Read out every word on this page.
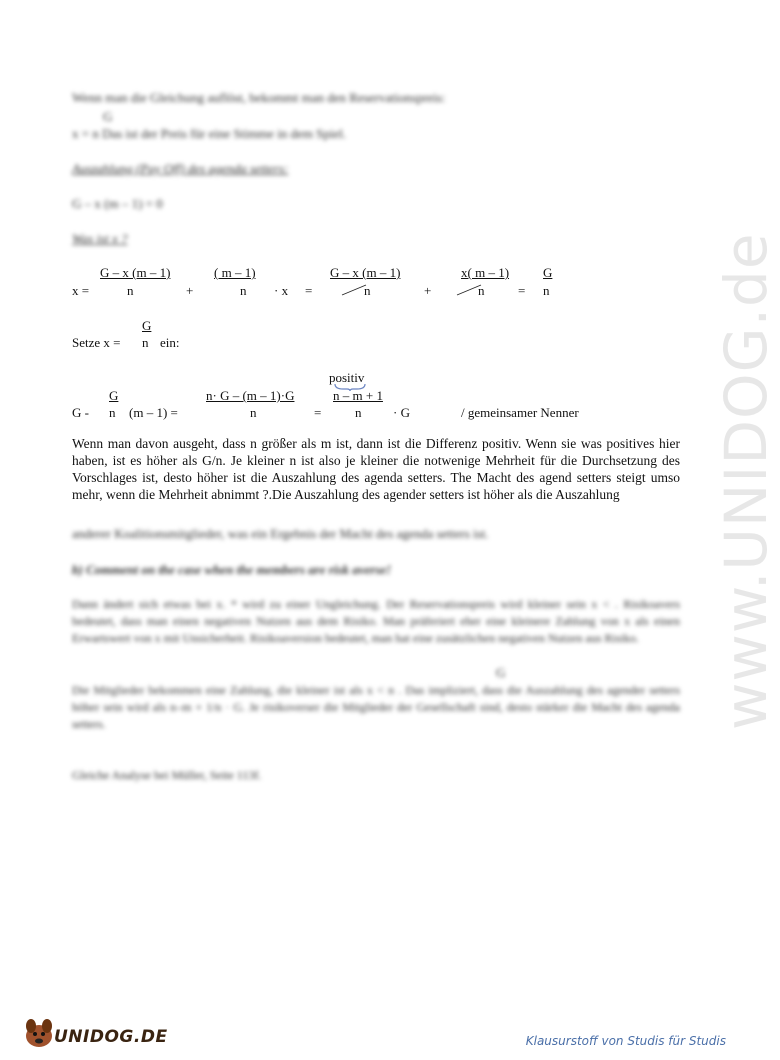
Wenn man die Gleichung auflöst, bekommt man den Reservationspreis:
G
x = n Das ist der Preis für eine Stimme in dem Spiel.
Auszahlung (Pay Off) des agenda setters:
G – x (m – 1) = 0
Was ist x ?
G – x (m – 1)	( m – 1)	G – x (m – 1)	x( m – 1)	G
x =	n	+	n · x =	n	+	n	= n
G
Setze x = n ein:
positiv
G	n· G – (m – 1)·G	n – m + 1
G - n (m – 1) =	n	=	n · G	/ gemeinsamer Nenner
Wenn man davon ausgeht, dass n größer als m ist, dann ist die Differenz positiv. Wenn sie was positives hier haben, ist es höher als G/n. Je kleiner n ist also je kleiner die notwenige Mehrheit für die Durchsetzung des Vorschlages ist, desto höher ist die Auszahlung des agenda setters. The Macht des agend setters steigt umso mehr, wenn die Mehrheit abnimmt ?.Die Auszahlung des agender setters ist höher als die Auszahlung
anderer Koalitionsmitglieder, was ein Ergebnis der Macht des agenda setters ist.
b) Comment on the case when the members are risk averse!
Dann ändert sich etwas bei x. * wird zu einer Ungleichung. Der Reservationspreis wird kleiner sein x < . Risikoavers bedeutet, dass man einen negativen Nutzen aus dem Risiko. Man präferiert eher eine kleinere Zahlung von x als einen Erwartswert von x mit Unsicherheit. Risikoaversion bedeutet, man hat eine zusätzlichen negativen Nutzen aus Risiko.
G
Die Mitglieder bekommen eine Zahlung, die kleiner ist als x < n . Das impliziert, dass die Auszahlung des agender setters höher sein wird als n–m + 1/n · G. Je risikoverser die Mitglieder der Gesellschaft sind, desto stärker die Macht des agenda setters.
Gleiche Analyse bei Müller, Seite 113f.
www.UNIDOG.de
UNIDOG.DE	Klausurstoff von Studis für Studis
